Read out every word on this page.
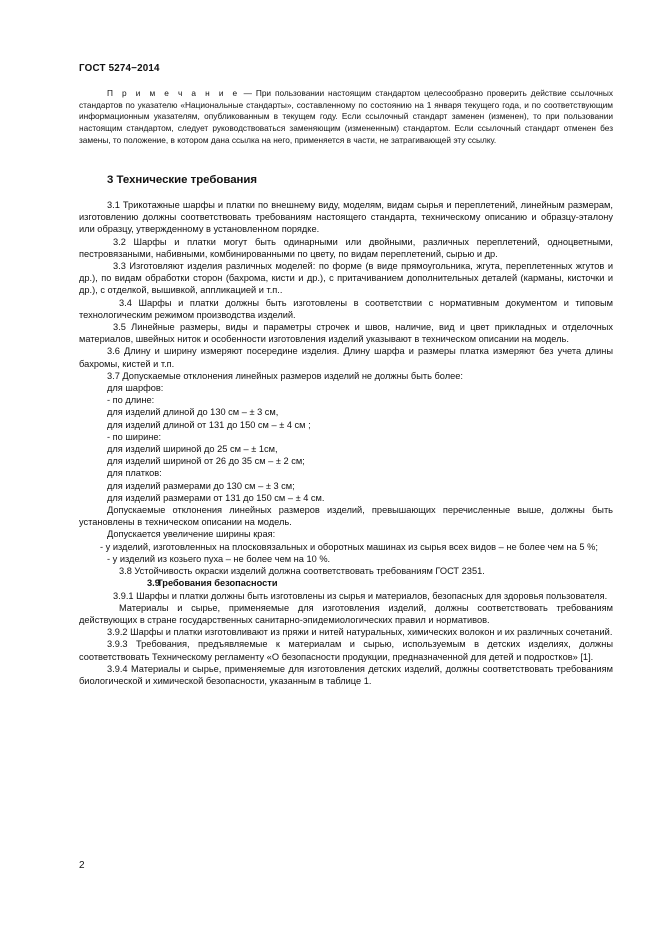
ГОСТ 5274−2014
П р и м е ч а н и е — При пользовании настоящим стандартом целесообразно проверить действие ссылочных стандартов по указателю «Национальные стандарты», составленному по состоянию на 1 января текущего года, и по соответствующим информационным указателям, опубликованным в текущем году. Если ссылочный стандарт заменен (изменен), то при пользовании настоящим стандартом, следует руководствоваться заменяющим (измененным) стандартом. Если ссылочный стандарт отменен без замены, то положение, в котором дана ссылка на него, применяется в части, не затрагивающей эту ссылку.
3 Технические требования

3.1 Трикотажные шарфы и платки по внешнему виду, моделям, видам сырья и переплетений, линейным размерам, изготовлению должны соответствовать требованиям настоящего стандарта, техническому описанию и образцу-эталону или образцу, утвержденному в установленном порядке.

3.2 Шарфы и платки могут быть одинарными или двойными, различных переплетений, одноцветными, пестровязаными, набивными, комбинированными по цвету, по видам переплетений, сырью и др.

3.3 Изготовляют изделия различных моделей: по форме (в виде прямоугольника, жгута, переплетенных жгутов и др.), по видам обработки сторон (бахрома, кисти и др.), с притачиванием дополнительных деталей (карманы, кисточки и др.), с отделкой, вышивкой, аппликацией и т.п..

3.4 Шарфы и платки должны быть изготовлены в соответствии с нормативным документом и типовым технологическим режимом производства изделий.

3.5 Линейные размеры, виды и параметры строчек и швов, наличие, вид и цвет прикладных и отделочных материалов, швейных ниток и особенности изготовления изделий указывают в техническом описании на модель.

3.6 Длину и ширину измеряют посередине изделия. Длину шарфа и размеры платка измеряют без учета длины бахромы, кистей и т.п.

3.7 Допускаемые отклонения линейных размеров изделий не должны быть более:

для шарфов:

- по длине:

для изделий длиной до 130 см – ± 3 см,

для изделий длиной от 131 до 150 см – ± 4 см ;

- по ширине:

для изделий шириной до 25 см – ± 1см,

для изделий шириной от 26 до 35 см – ± 2 см;

для платков:

для изделий размерами до 130 см – ± 3 см;

для изделий размерами от 131 до 150 см – ± 4 см.

Допускаемые отклонения линейных размеров изделий, превышающих перечисленные выше, должны быть установлены в техническом описании на модель.

Допускается увеличение ширины края:

- у изделий, изготовленных на плосковязальных и оборотных машинах из сырья всех видов – не более чем на 5 %;

- у изделий из козьего пуха – не более чем на 10 %.

3.8 Устойчивость окраски изделий должна соответствовать требованиям ГОСТ 2351.

3.9Требования безопасности

3.9.1 Шарфы и платки должны быть изготовлены из сырья и материалов, безопасных для здоровья пользователя.

Материалы и сырье, применяемые для изготовления изделий, должны соответствовать требованиям действующих в стране государственных санитарно-эпидемиологических правил и нормативов.

3.9.2 Шарфы и платки изготовливают из пряжи и нитей натуральных, химических волокон и их различных сочетаний.

3.9.3 Требования, предъявляемые к материалам и сырью, используемым в детских изделиях, должны соответствовать Техническому регламенту «О безопасности продукции, предназначенной для детей и подростков» [1].

3.9.4 Материалы и сырье, применяемые для изготовления детских изделий, должны соответствовать требованиям биологической и химической безопасности, указанным в таблице 1.

2
